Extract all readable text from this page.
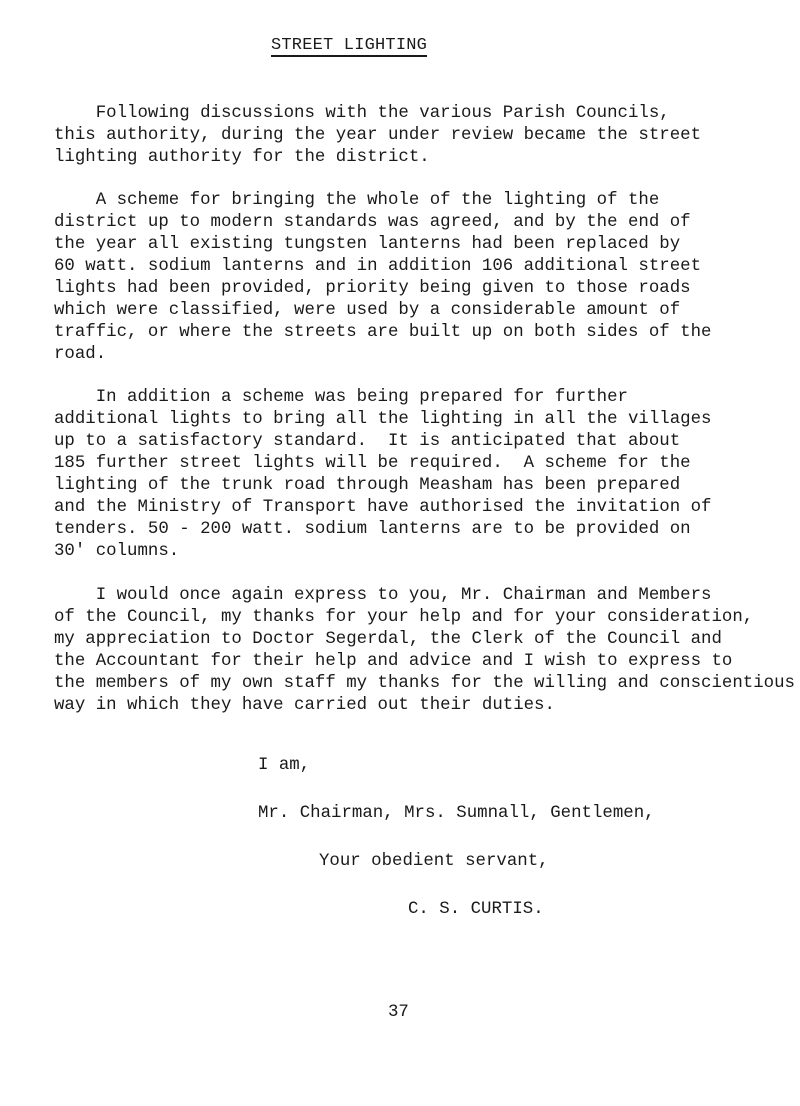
STREET LIGHTING
Following discussions with the various Parish Councils,
this authority, during the year under review became the street
lighting authority for the district.
A scheme for bringing the whole of the lighting of the
district up to modern standards was agreed, and by the end of
the year all existing tungsten lanterns had been replaced by
60 watt. sodium lanterns and in addition 106 additional street
lights had been provided, priority being given to those roads
which were classified, were used by a considerable amount of
traffic, or where the streets are built up on both sides of the
road.
In addition a scheme was being prepared for further
additional lights to bring all the lighting in all the villages
up to a satisfactory standard.  It is anticipated that about
185 further street lights will be required.  A scheme for the
lighting of the trunk road through Measham has been prepared
and the Ministry of Transport have authorised the invitation of
tenders. 50 - 200 watt. sodium lanterns are to be provided on
30' columns.
I would once again express to you, Mr. Chairman and Members
of the Council, my thanks for your help and for your consideration,
my appreciation to Doctor Segerdal, the Clerk of the Council and
the Accountant for their help and advice and I wish to express to
the members of my own staff my thanks for the willing and conscientious
way in which they have carried out their duties.
I am,
Mr. Chairman, Mrs. Sumnall, Gentlemen,
Your obedient servant,
C. S. CURTIS.
37
